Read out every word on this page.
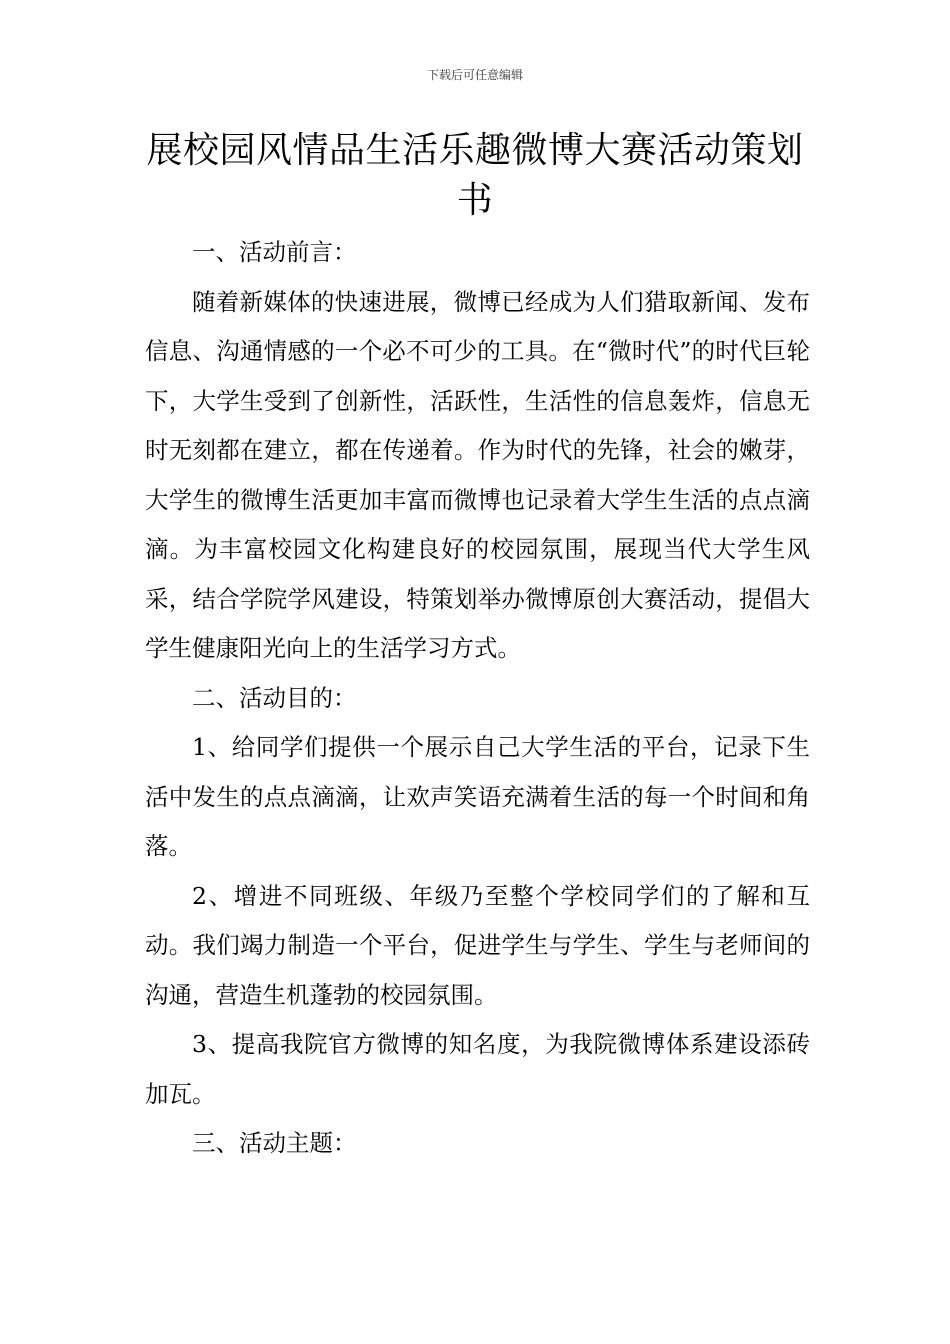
下载后可任意编辑
展校园风情品生活乐趣微博大赛活动策划书

一、活动前言：

随着新媒体的快速进展，微博已经成为人们猎取新闻、发布信息、沟通情感的一个必不可少的工具。在“微时代”的时代巨轮下，大学生受到了创新性，活跃性，生活性的信息轰炸，信息无时无刻都在建立，都在传递着。作为时代的先锋，社会的嫩芽，大学生的微博生活更加丰富而微博也记录着大学生生活的点点滴滴。为丰富校园文化构建良好的校园氛围，展现当代大学生风采，结合学院学风建设，特策划举办微博原创大赛活动，提倡大学生健康阳光向上的生活学习方式。

二、活动目的：

1、给同学们提供一个展示自己大学生活的平台，记录下生活中发生的点点滴滴，让欢声笑语充满着生活的每一个时间和角落。

2、增进不同班级、年级乃至整个学校同学们的了解和互动。我们竭力制造一个平台，促进学生与学生、学生与老师间的沟通，营造生机蓬勃的校园氛围。

3、提高我院官方微博的知名度，为我院微博体系建设添砖加瓦。

三、活动主题：
